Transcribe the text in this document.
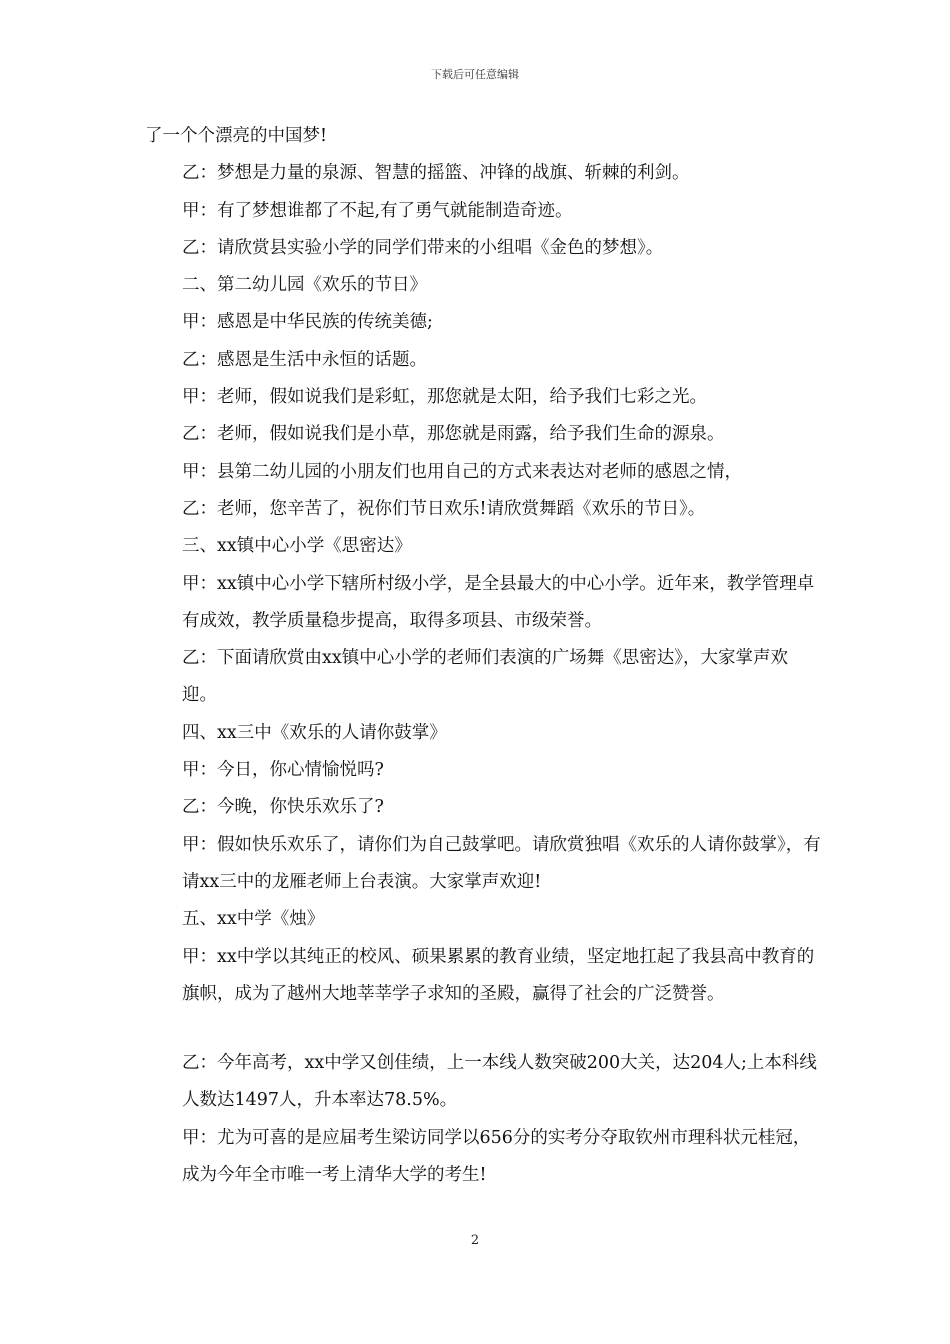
下载后可任意编辑

了一个个漂亮的中国梦!

乙：梦想是力量的泉源、智慧的摇篮、冲锋的战旗、斩棘的利剑。

甲：有了梦想谁都了不起,有了勇气就能制造奇迹。

乙：请欣赏县实验小学的同学们带来的小组唱《金色的梦想》。

二、第二幼儿园《欢乐的节日》

甲：感恩是中华民族的传统美德;

乙：感恩是生活中永恒的话题。

甲：老师，假如说我们是彩虹，那您就是太阳，给予我们七彩之光。

乙：老师，假如说我们是小草，那您就是雨露，给予我们生命的源泉。

甲：县第二幼儿园的小朋友们也用自己的方式来表达对老师的感恩之情，

乙：老师，您辛苦了，祝你们节日欢乐!请欣赏舞蹈《欢乐的节日》。

三、xx镇中心小学《思密达》

甲：xx镇中心小学下辖所村级小学，是全县最大的中心小学。近年来，教学管理卓有成效，教学质量稳步提高，取得多项县、市级荣誉。

乙：下面请欣赏由xx镇中心小学的老师们表演的广场舞《思密达》，大家掌声欢迎。

四、xx三中《欢乐的人请你鼓掌》

甲：今日，你心情愉悦吗?

乙：今晚，你快乐欢乐了?

甲：假如快乐欢乐了，请你们为自己鼓掌吧。请欣赏独唱《欢乐的人请你鼓掌》，有请xx三中的龙雁老师上台表演。大家掌声欢迎!

五、xx中学《烛》

甲：xx中学以其纯正的校风、硕果累累的教育业绩，坚定地扛起了我县高中教育的旗帜，成为了越州大地莘莘学子求知的圣殿，赢得了社会的广泛赞誉。

乙：今年高考，xx中学又创佳绩，上一本线人数突破200大关，达204人;上本科线人数达1497人，升本率达78.5%。

甲：尤为可喜的是应届考生梁访同学以656分的实考分夺取钦州市理科状元桂冠，成为今年全市唯一考上清华大学的考生!

2
